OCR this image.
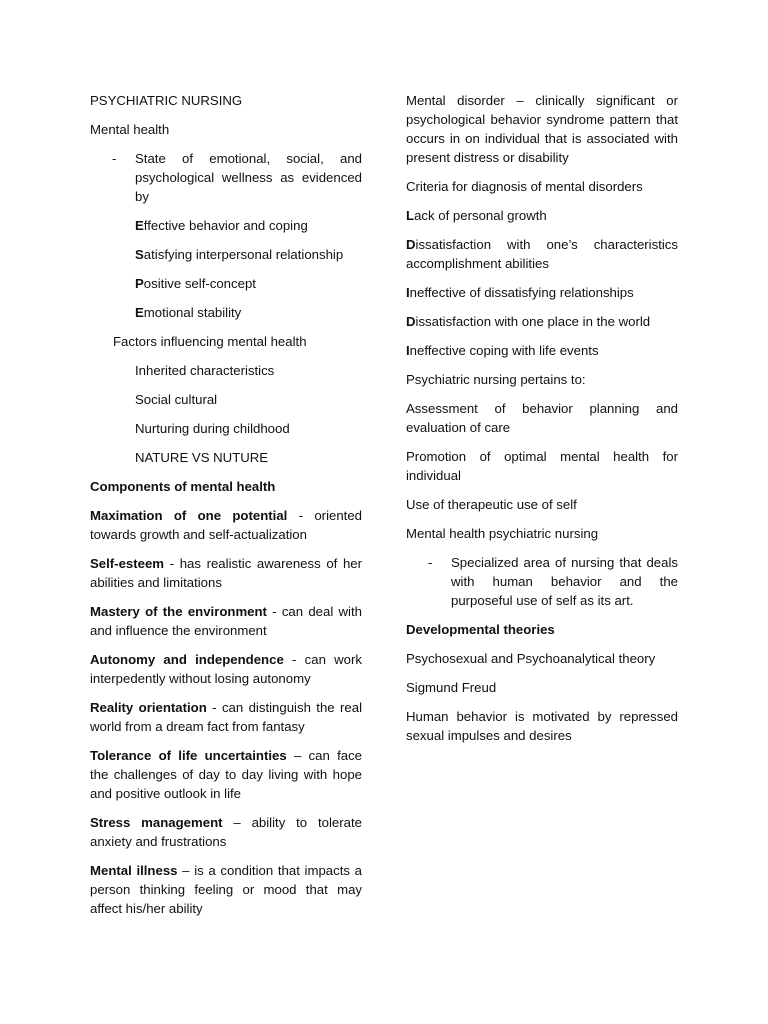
PSYCHIATRIC NURSING

Mental health

- State of emotional, social, and psychological wellness as evidenced by

Effective behavior and coping

Satisfying interpersonal relationship

Positive self-concept

Emotional stability

Factors influencing mental health

Inherited characteristics

Social cultural

Nurturing during childhood

NATURE VS NUTURE

Components of mental health

Maximation of one potential - oriented towards growth and self-actualization

Self-esteem - has realistic awareness of her abilities and limitations

Mastery of the environment - can deal with and influence the environment

Autonomy and independence - can work interpedently without losing autonomy

Reality orientation - can distinguish the real world from a dream fact from fantasy

Tolerance of life uncertainties – can face the challenges of day to day living with hope and positive outlook in life

Stress management – ability to tolerate anxiety and frustrations

Mental illness – is a condition that impacts a person thinking feeling or mood that may affect his/her ability

Mental disorder – clinically significant or psychological behavior syndrome pattern that occurs in on individual that is associated with present distress or disability

Criteria for diagnosis of mental disorders

Lack of personal growth

Dissatisfaction with one’s characteristics accomplishment abilities

Ineffective of dissatisfying relationships

Dissatisfaction with one place in the world

Ineffective coping with life events

Psychiatric nursing pertains to:

Assessment of behavior planning and evaluation of care

Promotion of optimal mental health for individual

Use of therapeutic use of self

Mental health psychiatric nursing

- Specialized area of nursing that deals with human behavior and the purposeful use of self as its art.

Developmental theories

Psychosexual and Psychoanalytical theory

Sigmund Freud

Human behavior is motivated by repressed sexual impulses and desires
